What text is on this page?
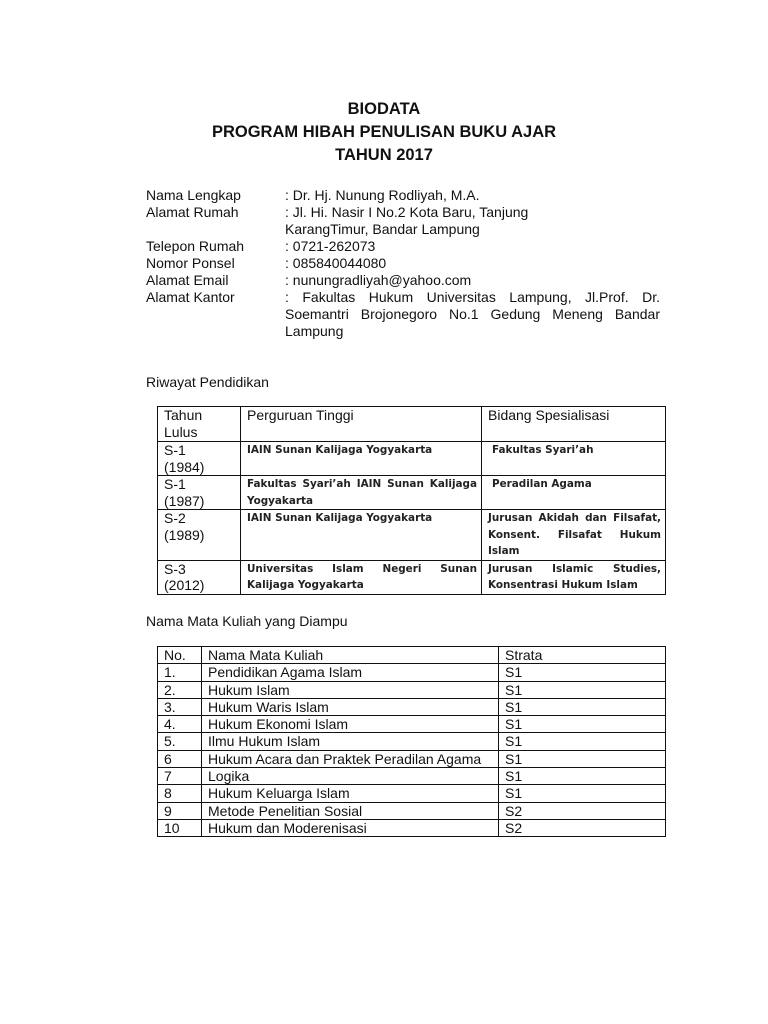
BIODATA
PROGRAM HIBAH PENULISAN BUKU AJAR
TAHUN 2017
Nama Lengkap	: Dr. Hj. Nunung Rodliyah, M.A.
Alamat Rumah	: Jl. Hi. Nasir I No.2 Kota Baru, Tanjung KarangTimur, Bandar Lampung
Telepon Rumah	: 0721-262073
Nomor Ponsel	: 085840044080
Alamat Email	: nunungradliyah@yahoo.com
Alamat Kantor	: Fakultas Hukum Universitas Lampung, Jl.Prof. Dr. Soemantri Brojonegoro No.1 Gedung Meneng Bandar Lampung
Riwayat Pendidikan
Tahun Lulus	Perguruan Tinggi	Bidang Spesialisasi
S-1 (1984)	IAIN Sunan Kalijaga Yogyakarta	Fakultas Syari’ah
S-1 (1987)	Fakultas Syari’ah IAIN Sunan Kalijaga Yogyakarta	Peradilan Agama
S-2 (1989)	IAIN Sunan Kalijaga Yogyakarta	Jurusan Akidah dan Filsafat, Konsent. Filsafat Hukum Islam
S-3 (2012)	Universitas Islam Negeri Sunan Kalijaga Yogyakarta	Jurusan Islamic Studies, Konsentrasi Hukum Islam
Nama Mata Kuliah yang Diampu
No.	Nama Mata Kuliah	Strata
1.	Pendidikan Agama Islam	S1
2.	Hukum Islam	S1
3.	Hukum Waris Islam	S1
4.	Hukum Ekonomi Islam	S1
5.	Ilmu Hukum Islam	S1
6	Hukum Acara dan Praktek Peradilan Agama	S1
7	Logika	S1
8	Hukum Keluarga Islam	S1
9	Metode Penelitian Sosial	S2
10	Hukum dan Moderenisasi	S2
